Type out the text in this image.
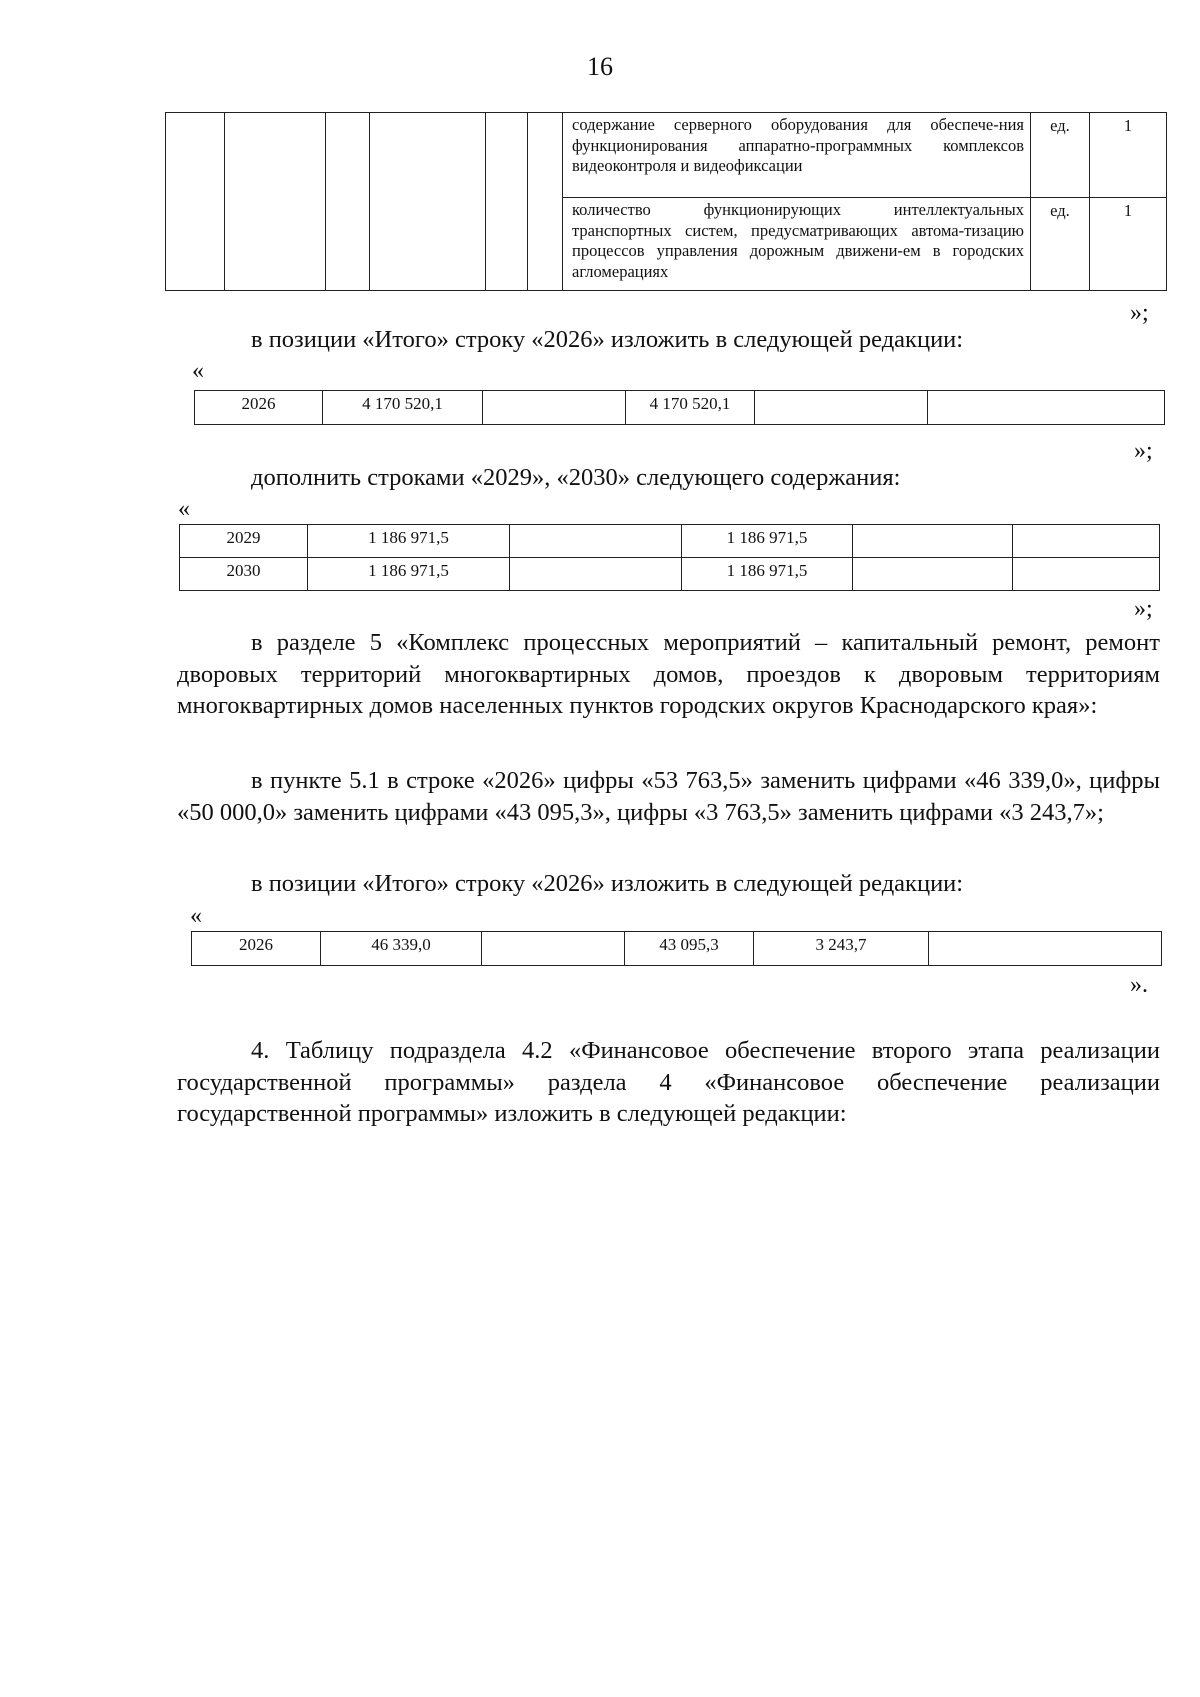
16
						содержание серверного оборудования для обеспече-ния функционирования аппаратно-программных комплексов видеоконтроля и видеофиксации	ед.	1
						количество функционирующих интеллектуальных транспортных систем, предусматривающих автома-тизацию процессов управления дорожным движени-ем в городских агломерациях	ед.	1
»;
в позиции «Итого» строку «2026» изложить в следующей редакции:
«
2026	4 170 520,1		4 170 520,1		
»;
дополнить строками «2029», «2030» следующего содержания:
«
2029	1 186 971,5		1 186 971,5		
2030	1 186 971,5		1 186 971,5		
»;
в разделе 5 «Комплекс процессных мероприятий – капитальный ремонт, ремонт дворовых территорий многоквартирных домов, проездов к дворовым территориям многоквартирных домов населенных пунктов городских округов Краснодарского края»:
в пункте 5.1 в строке «2026» цифры «53 763,5» заменить цифрами «46 339,0», цифры «50 000,0» заменить цифрами «43 095,3», цифры «3 763,5» заменить цифрами «3 243,7»;
в позиции «Итого» строку «2026» изложить в следующей редакции:
«
2026	46 339,0		43 095,3	3 243,7	
».
4. Таблицу подраздела 4.2 «Финансовое обеспечение второго этапа реализации государственной программы» раздела 4 «Финансовое обеспечение реализации государственной программы» изложить в следующей редакции:
